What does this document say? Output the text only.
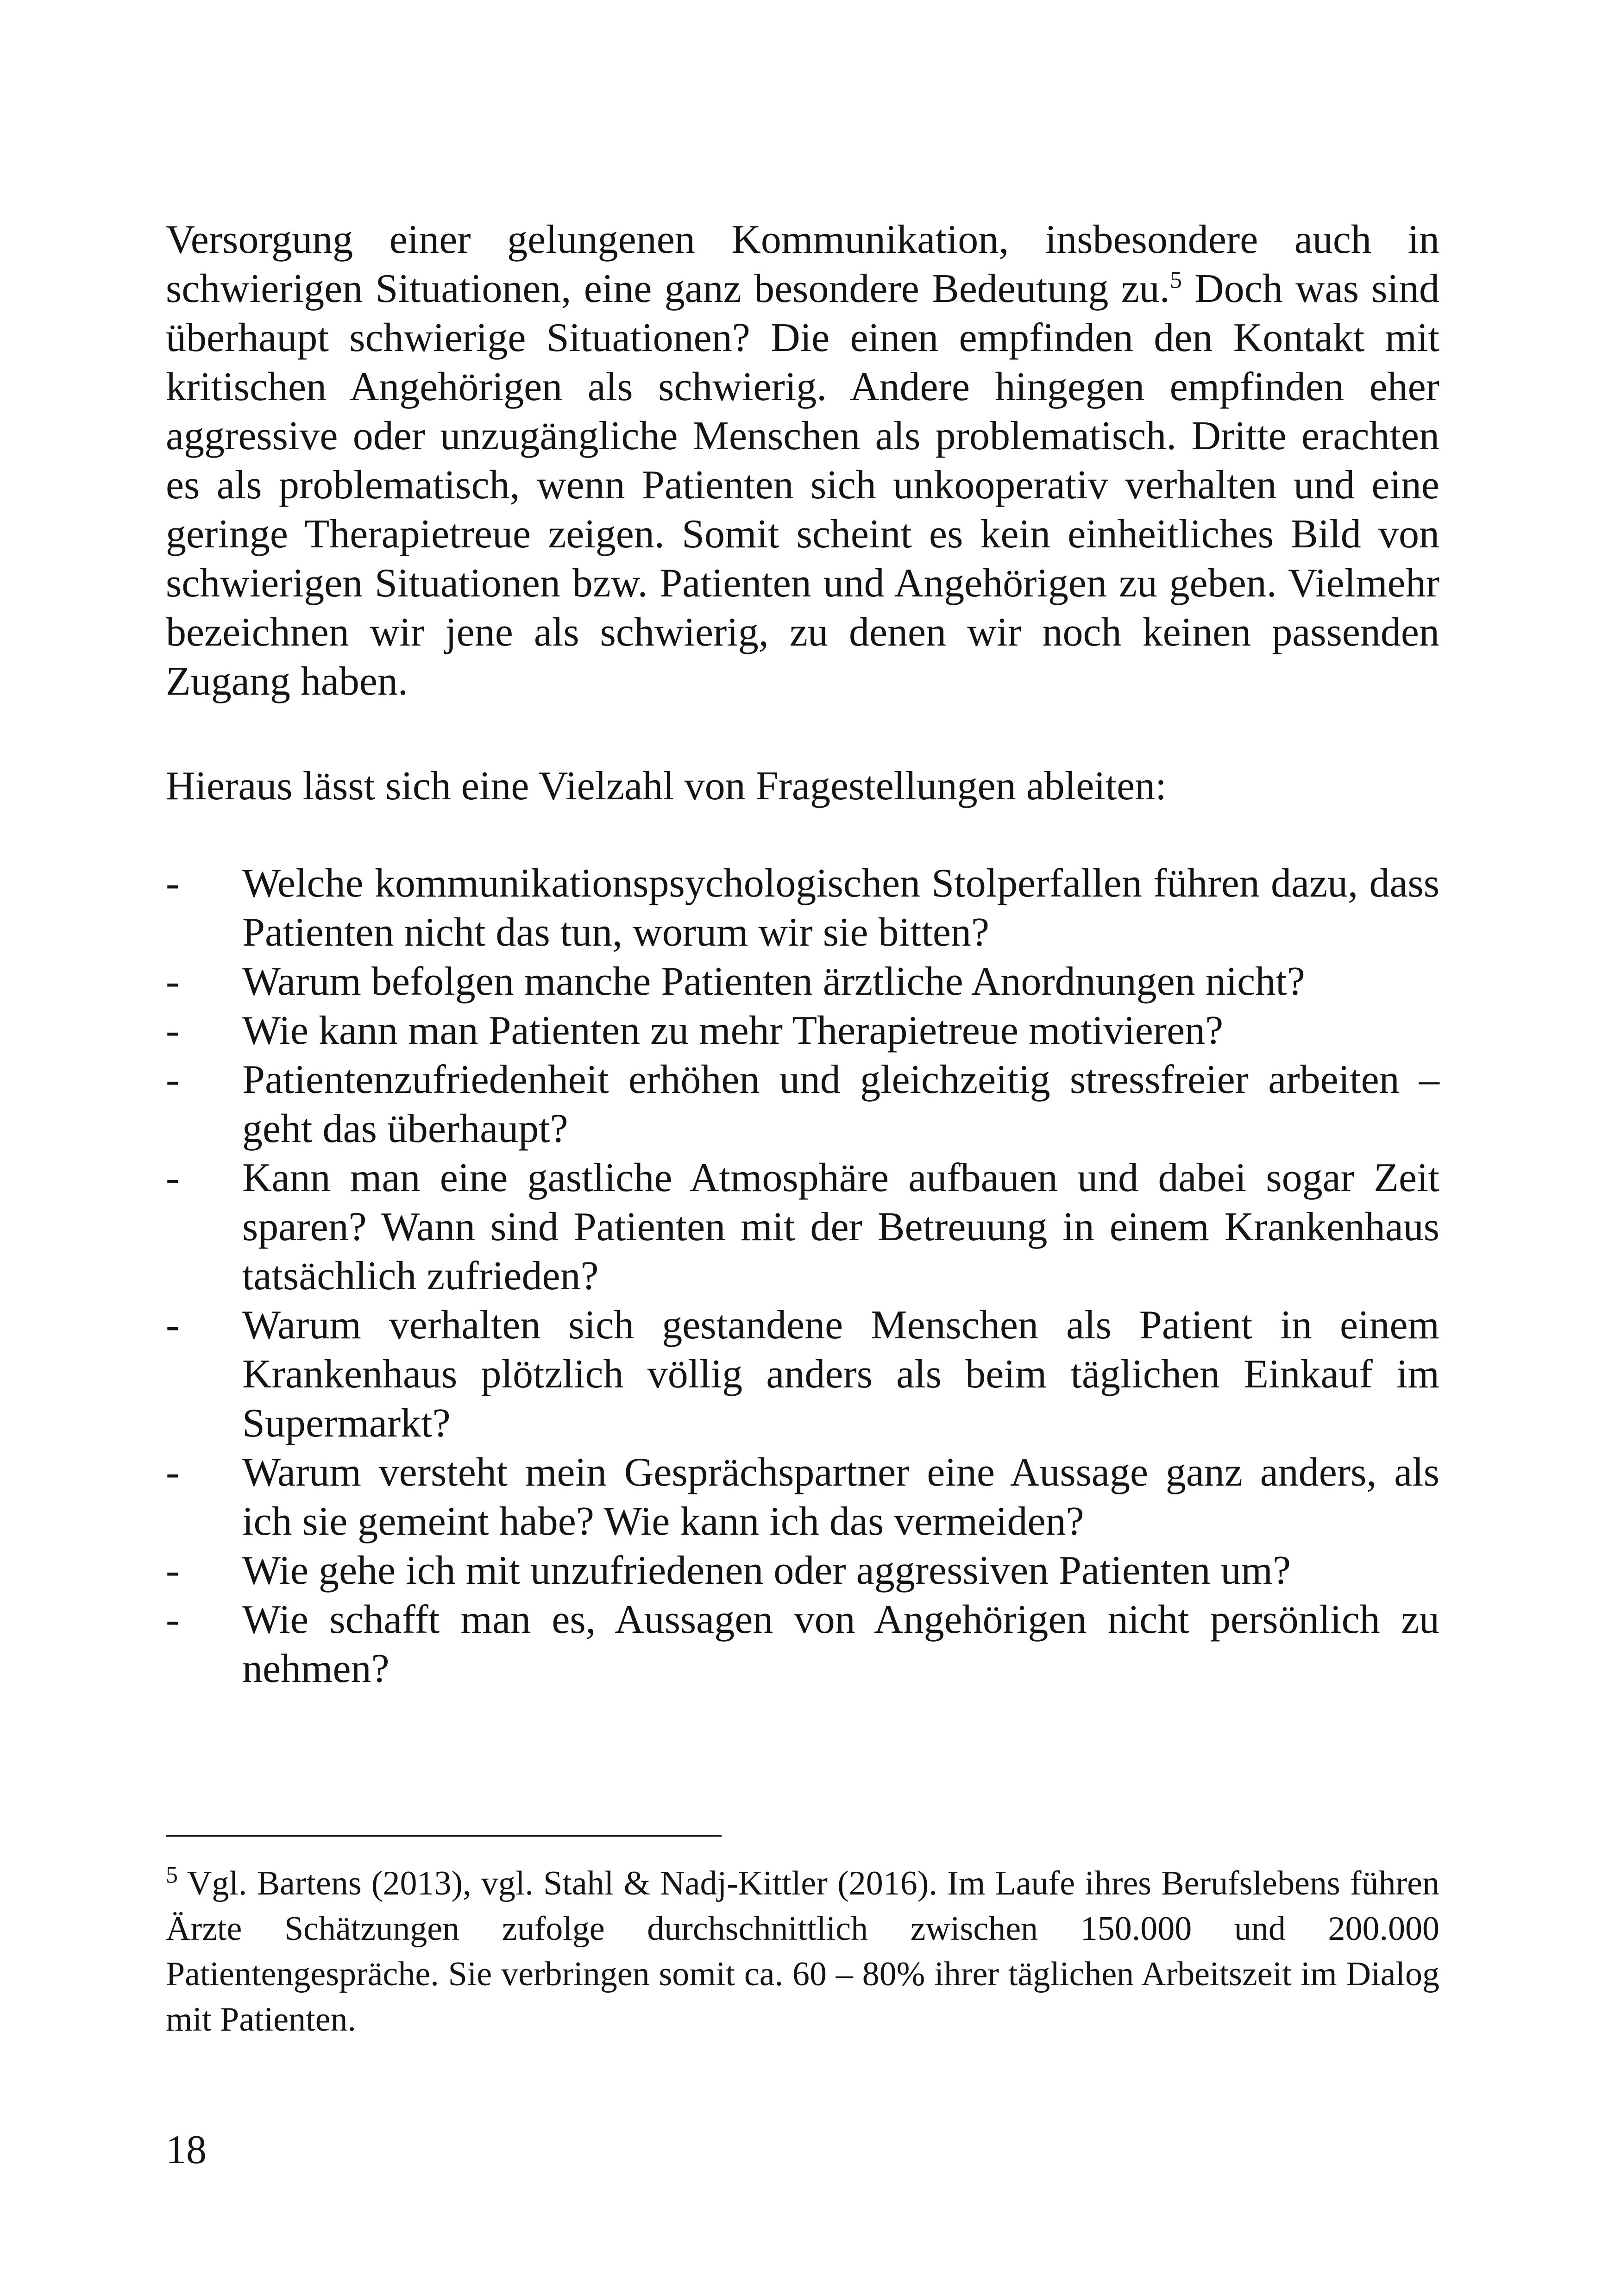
Versorgung einer gelungenen Kommunikation, insbesondere auch in schwierigen Situationen, eine ganz besondere Bedeutung zu.$^5$ Doch was sind überhaupt schwierige Situationen? Die einen empfinden den Kontakt mit kritischen Angehörigen als schwierig. Andere hingegen empfinden eher aggressive oder unzugängliche Menschen als problematisch. Dritte erachten es als problematisch, wenn Patienten sich unkooperativ verhalten und eine geringe Therapietreue zeigen. Somit scheint es kein einheitliches Bild von schwierigen Situationen bzw. Patienten und Angehörigen zu geben. Vielmehr bezeichnen wir jene als schwierig, zu denen wir noch keinen passenden Zugang haben.

Hieraus lässt sich eine Vielzahl von Fragestellungen ableiten:

-	Welche kommunikationspsychologischen Stolperfallen führen dazu, dass Patienten nicht das tun, worum wir sie bitten?
-	Warum befolgen manche Patienten ärztliche Anordnungen nicht?
-	Wie kann man Patienten zu mehr Therapietreue motivieren?
-	Patientenzufriedenheit erhöhen und gleichzeitig stressfreier arbeiten – geht das überhaupt?
-	Kann man eine gastliche Atmosphäre aufbauen und dabei sogar Zeit sparen? Wann sind Patienten mit der Betreuung in einem Krankenhaus tatsächlich zufrieden?
-	Warum verhalten sich gestandene Menschen als Patient in einem Krankenhaus plötzlich völlig anders als beim täglichen Einkauf im Supermarkt?
-	Warum versteht mein Gesprächspartner eine Aussage ganz anders, als ich sie gemeint habe? Wie kann ich das vermeiden?
-	Wie gehe ich mit unzufriedenen oder aggressiven Patienten um?
-	Wie schafft man es, Aussagen von Angehörigen nicht persönlich zu nehmen?

$^5$ Vgl. Bartens (2013), vgl. Stahl & Nadj-Kittler (2016). Im Laufe ihres Berufslebens führen Ärzte Schätzungen zufolge durchschnittlich zwischen 150.000 und 200.000 Patientengespräche. Sie verbringen somit ca. 60 – 80% ihrer täglichen Arbeitszeit im Dialog mit Patienten.

18
